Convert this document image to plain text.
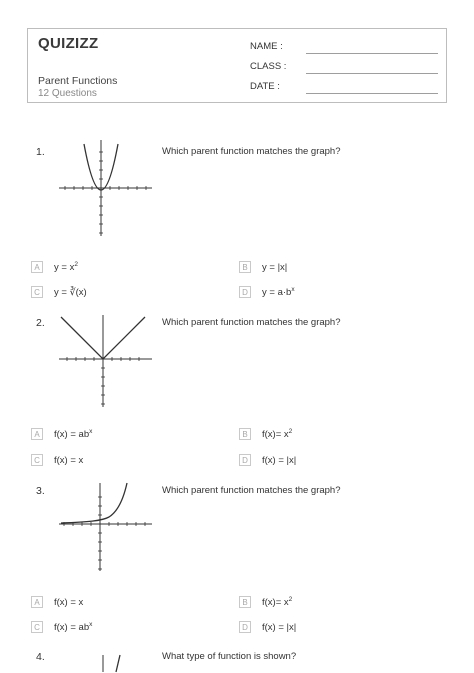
QUIZIZZ
Parent Functions
12 Questions
NAME :
CLASS :
DATE :
1.	Which parent function matches the graph?
A	$y = x^2$	B	y = |x|
C	y = ∛(x)	D	$y = a\cdot b^x$
2.	Which parent function matches the graph?
A	$f(x) = ab^x$	B	$f(x)= x^2$
C	f(x) = x	D	f(x) = |x|
3.	Which parent function matches the graph?
A	f(x) = x	B	$f(x)= x^2$
C	$f(x) = ab^x$	D	f(x) = |x|
4.	What type of function is shown?
